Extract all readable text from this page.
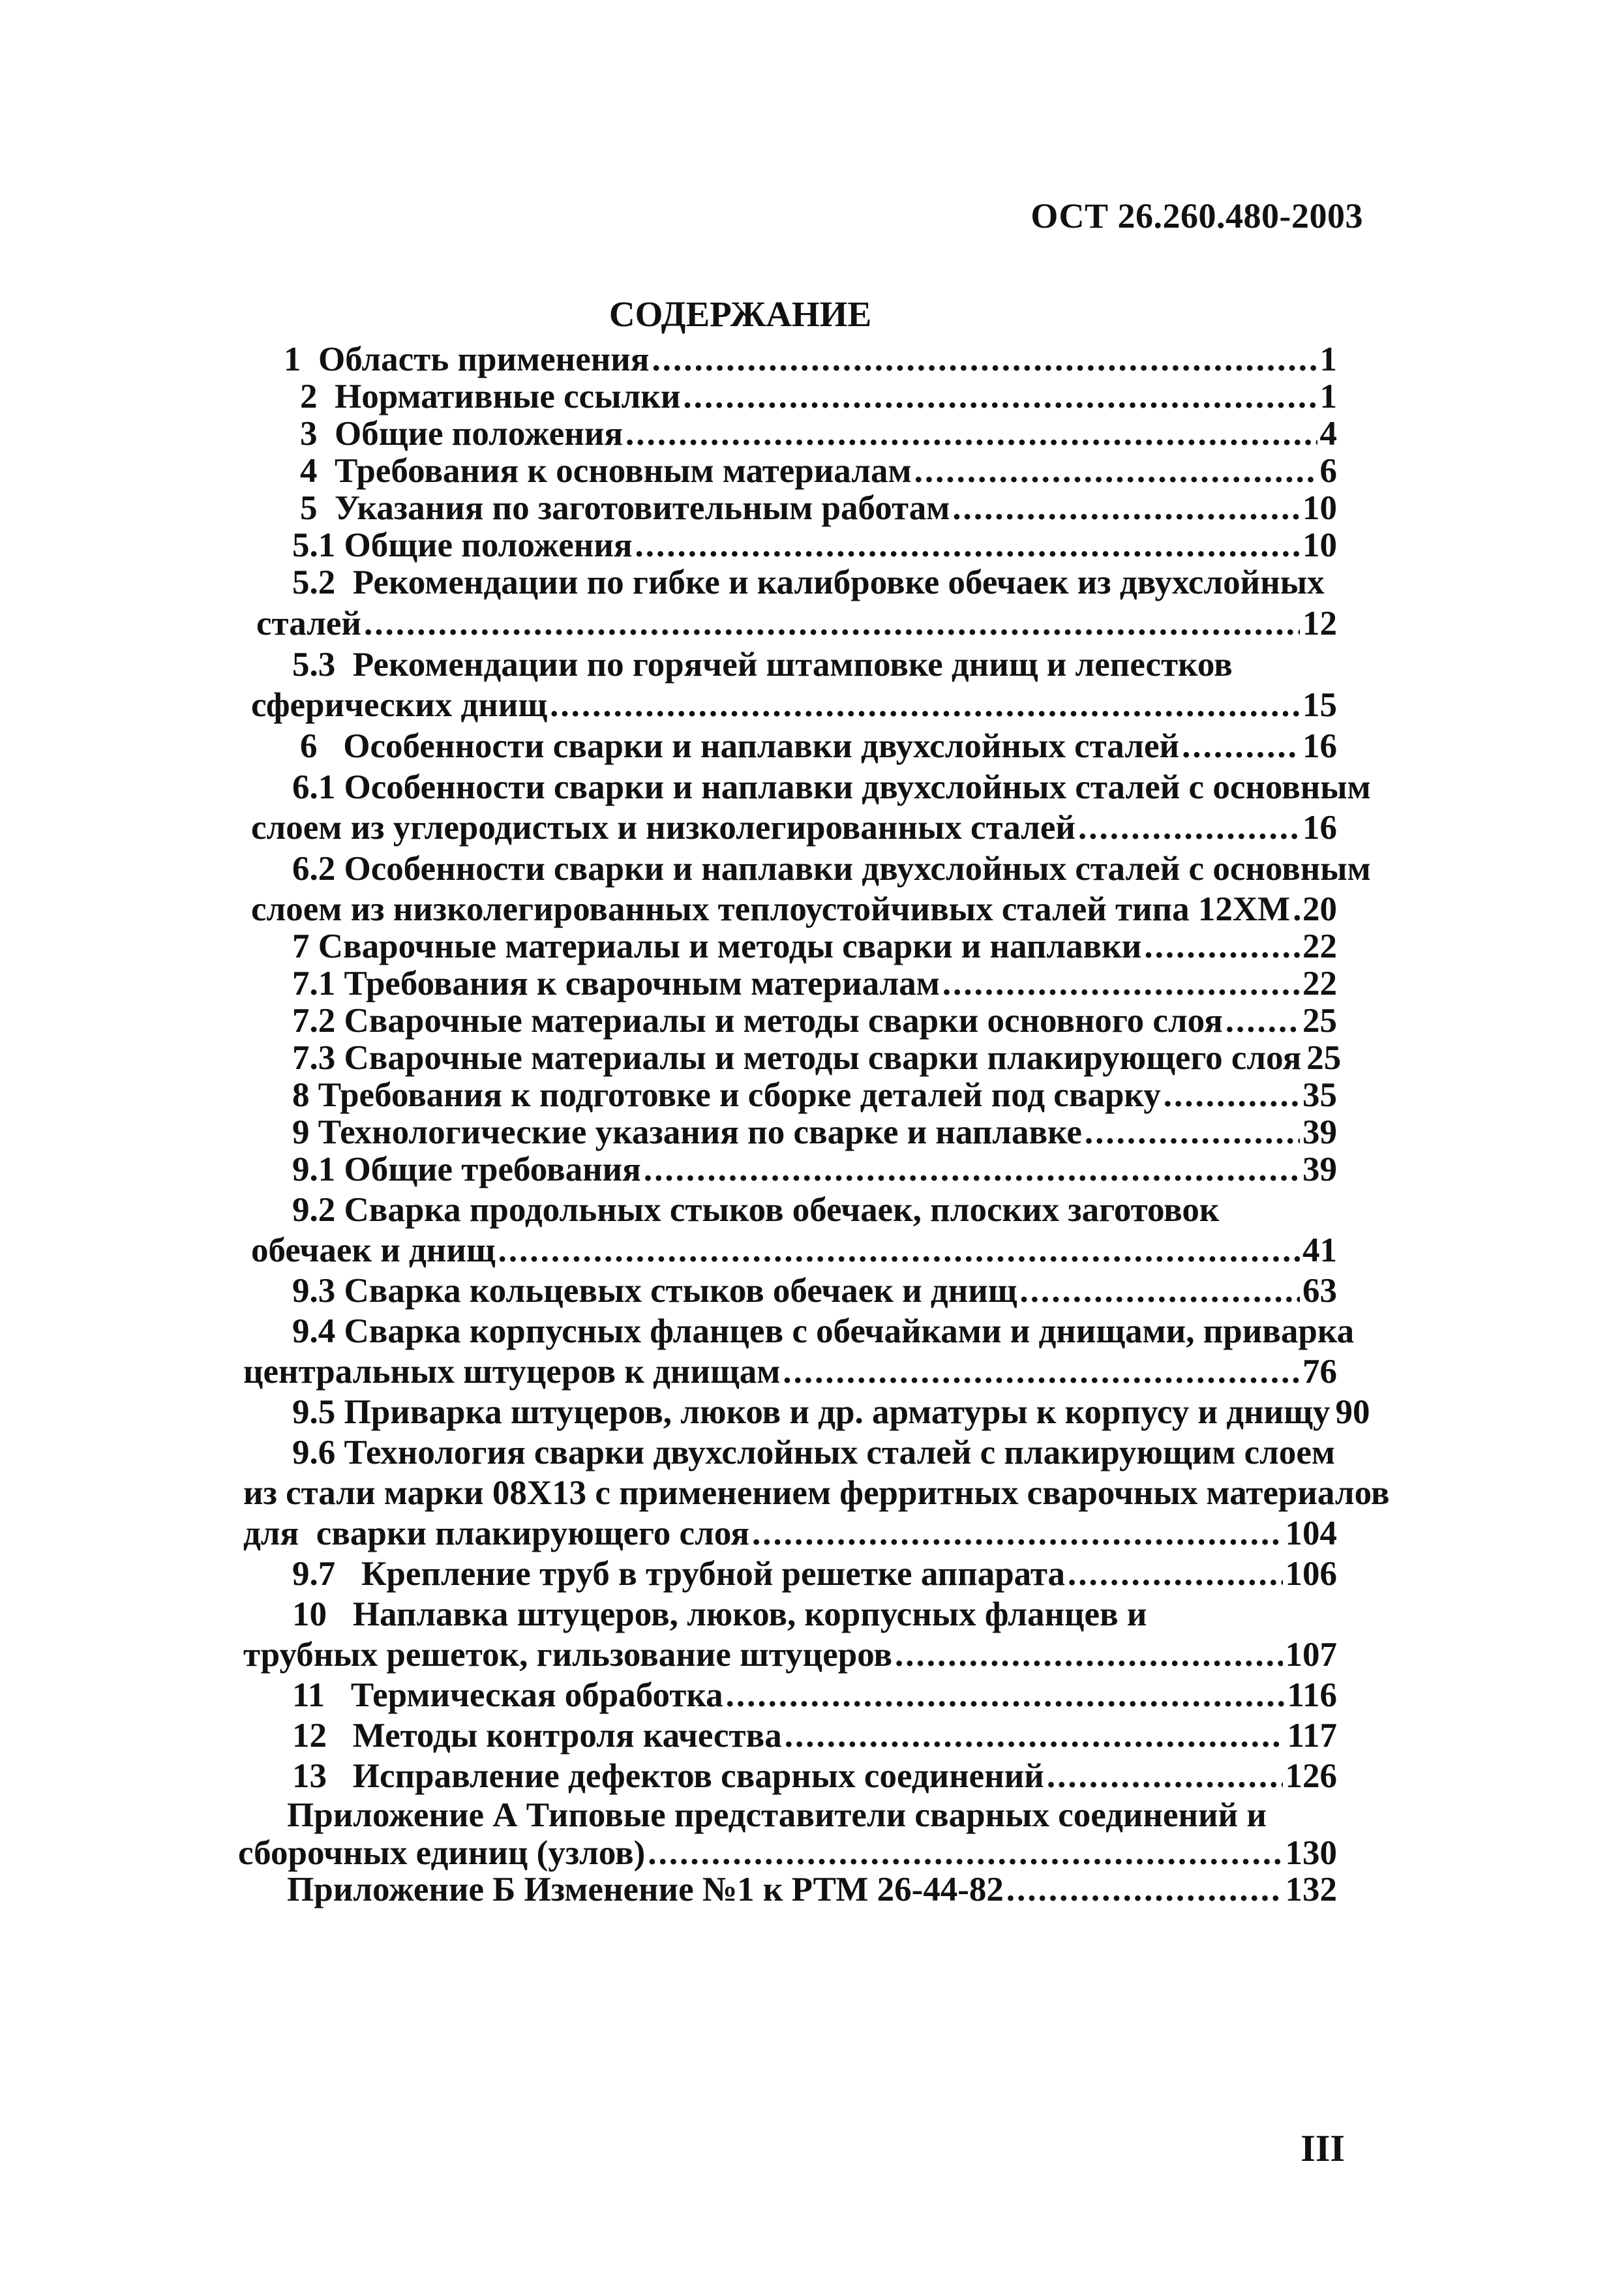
ОСТ 26.260.480-2003
СОДЕРЖАНИЕ
1  Область применения .....	1
2  Нормативные ссылки .....	1
3  Общие положения .....	4
4  Требования к основным материалам .....	6
5  Указания по заготовительным работам .....	10
5.1 Общие положения .....	10
5.2  Рекомендации по гибке и калибровке обечаек из двухслойных
сталей .....	12
5.3  Рекомендации по горячей штамповке днищ и лепестков
сферических днищ .....	15
6   Особенности сварки и наплавки двухслойных сталей .....	16
6.1 Особенности сварки и наплавки двухслойных сталей с основным
слоем из углеродистых и низколегированных сталей .....	16
6.2 Особенности сварки и наплавки двухслойных сталей с основным
слоем из низколегированных теплоустойчивых сталей типа 12ХМ ..... 20
7 Сварочные материалы и методы сварки и наплавки .....	22
7.1 Требования к сварочным материалам .....	22
7.2 Сварочные материалы и методы сварки основного слоя ..... 25
7.3 Сварочные материалы и методы сварки плакирующего слоя 25
8 Требования к подготовке и сборке деталей под сварку .....	35
9 Технологические указания по сварке и наплавке .....	39
9.1 Общие требования .....	39
9.2 Сварка продольных стыков обечаек, плоских заготовок
обечаек и днищ .....	41
9.3 Сварка кольцевых стыков обечаек и днищ .....	63
9.4 Сварка корпусных фланцев с обечайками и днищами, приварка
центральных штуцеров к днищам .....	76
9.5 Приварка штуцеров, люков и др. арматуры к корпусу и днищу 90
9.6 Технология сварки двухслойных сталей с плакирующим слоем
из стали марки 08Х13 с применением ферритных сварочных материалов
для  сварки плакирующего слоя .....	104
9.7   Крепление труб в трубной решетке аппарата .....	106
10   Наплавка штуцеров, люков, корпусных фланцев и
трубных решеток, гильзование штуцеров .....	107
11   Термическая обработка .....	116
12   Методы контроля качества .....	117
13   Исправление дефектов сварных соединений .....	126
Приложение А Типовые представители сварных соединений и
сборочных единиц (узлов) .....	130
Приложение Б Изменение №1 к РТМ 26-44-82 .....	132
III
